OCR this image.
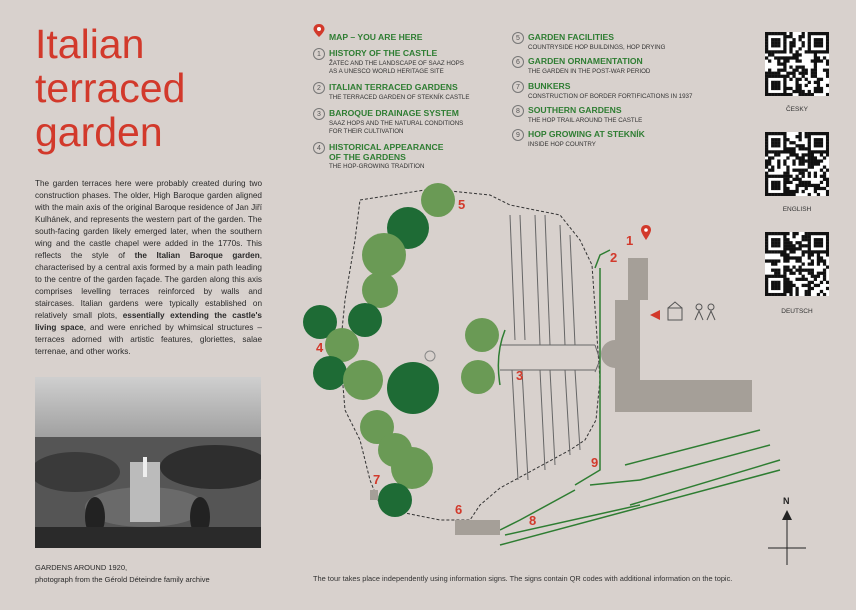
Italian terraced garden

The garden terraces here were probably created during two construction phases. The older, High Baroque garden aligned with the main axis of the original Baroque residence of Jan Jiří Kulhánek, and represents the western part of the garden. The south-facing garden likely emerged later, when the southern wing and the castle chapel were added in the 1770s. This reflects the style of the Italian Baroque garden, characterised by a central axis formed by a main path leading to the centre of the garden façade. The garden along this axis comprises levelling terraces reinforced by walls and staircases. Italian gardens were typically established on relatively small plots, essentially extending the castle's living space, and were enriched by whimsical structures – terraces adorned with artistic features, gloriettes, salae terrenae, and other works.

GARDENS AROUND 1920,
photograph from the Gérold Déteindre family archive
MAP – YOU ARE HERE
1 HISTORY OF THE CASTLE
ŽATEC AND THE LANDSCAPE OF SAAZ HOPS
AS A UNESCO WORLD HERITAGE SITE
2 ITALIAN TERRACED GARDENS
THE TERRACED GARDEN OF STEKNÍK CASTLE
3 BAROQUE DRAINAGE SYSTEM
SAAZ HOPS AND THE NATURAL CONDITIONS
FOR THEIR CULTIVATION
4 HISTORICAL APPEARANCE
OF THE GARDENS
THE HOP-GROWING TRADITION
5 GARDEN FACILITIES
COUNTRYSIDE HOP BUILDINGS, HOP DRYING
6 GARDEN ORNAMENTATION
THE GARDEN IN THE POST-WAR PERIOD
7 BUNKERS
CONSTRUCTION OF BORDER FORTIFICATIONS IN 1937
8 SOUTHERN GARDENS
THE HOP TRAIL AROUND THE CASTLE
9 HOP GROWING AT STEKNÍK
INSIDE HOP COUNTRY
ČESKY
ENGLISH
DEUTSCH
1
2
3
4
5
6
7
8
9
N
The tour takes place independently using information signs. The signs contain QR codes with additional information on the topic.
